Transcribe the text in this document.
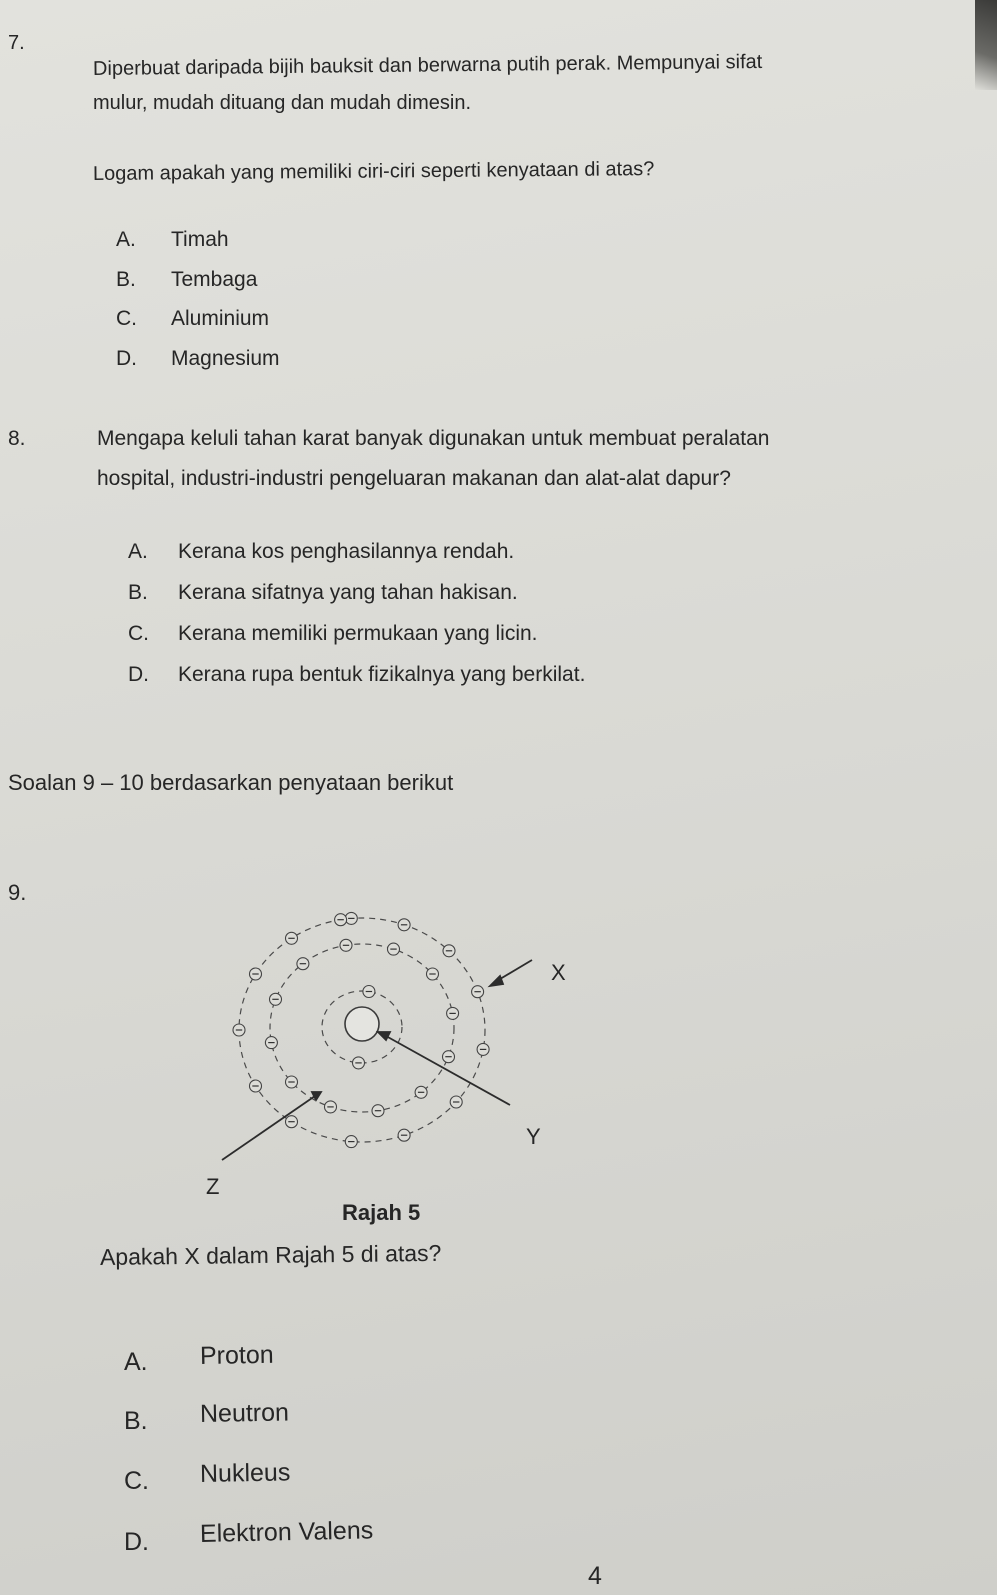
7.
Diperbuat daripada bijih bauksit dan berwarna putih perak. Mempunyai sifat
mulur, mudah dituang dan mudah dimesin.
Logam apakah yang memiliki ciri-ciri seperti kenyataan di atas?
A. Timah
B. Tembaga
C. Aluminium
D. Magnesium
8.	Mengapa keluli tahan karat banyak digunakan untuk membuat peralatan
hospital, industri-industri pengeluaran makanan dan alat-alat dapur?
A. Kerana kos penghasilannya rendah.
B. Kerana sifatnya yang tahan hakisan.
C. Kerana memiliki permukaan yang licin.
D. Kerana rupa bentuk fizikalnya yang berkilat.
Soalan 9 – 10 berdasarkan penyataan berikut
9.
X
Y
Z
Rajah 5
Apakah X dalam Rajah 5 di atas?
A. Proton
B. Neutron
C. Nukleus
D. Elektron Valens
4
